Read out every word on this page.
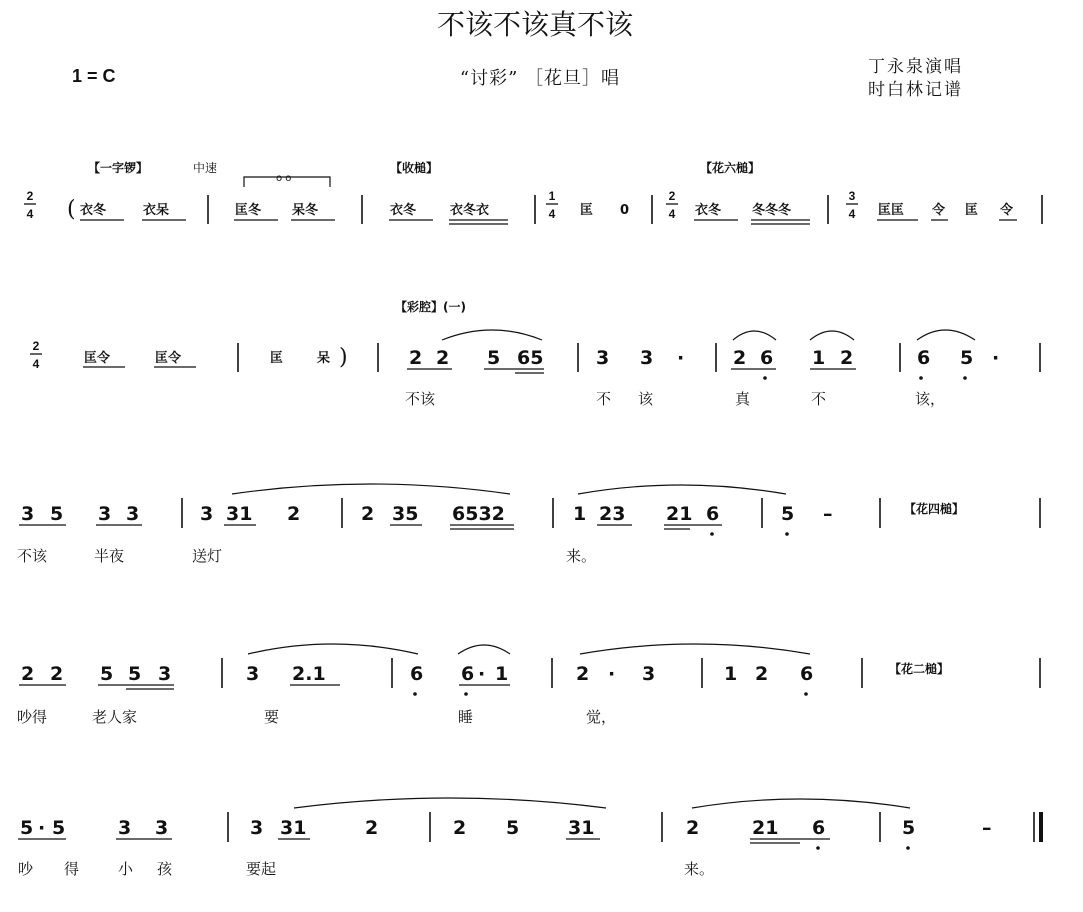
不该不该真不该
1 = C	“讨彩” ［花旦］唱
丁永泉演唱
时白林记谱
【一字锣】	中速
o o
【收槌】	【花六槌】
2
4 ( 衣冬	衣呆	匡冬 呆冬	衣冬	衣冬衣
1
4 匡 0
2
4 衣冬 冬冬冬
3
4 匡匡 令 匡 令
2
4	匡令	匡令	匡	呆 )
【彩腔】(一)
2 2 5 65	3 3 ·	2 6 1 2	6 5 ·
不该	不 该	真	不	该，
3 5 3 3	3 31 2	2 35 6532	1 23 21 6	5 –	【花四槌】
不该	半夜	送灯	来。
2 2 5 5 3	3 2.1	6 6 · 1	2 · 3	1 2 6	【花二槌】
吵得	老人家	要	睡	觉，
5 · 5	3 3	3 31	2	2 5	31	2	21 6	5	–
吵 得	小 孩	要起	来。
